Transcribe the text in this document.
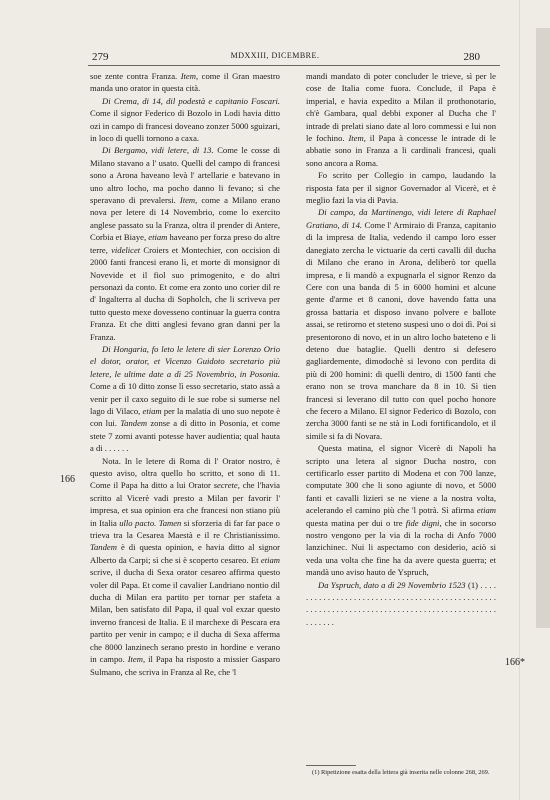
279	MDXXIII, DICEMBRE.	280

soe zente contra Franza. Item, come il Gran maestro manda uno orator in questa cità.

Di Crema, di 14, dil podestà e capitanio Foscari. Come il signor Federico di Bozolo in Lodi havia ditto ozi in campo di francesi doveano zonzer 5000 sguizari, in loco di quelli tornono a caxa.

Di Bergamo, vidi letere, di 13. Come le cosse di Milano stavano a l' usato. Quelli del campo di francesi sono a Arona haveano levà l' artellarie e batevano in uno altro locho, ma pocho danno li fevano; sì che speravano di prevalersi. Item, come a Milano erano nova per letere di 14 Novembrio, come lo exercito anglese passato su la Franza, oltra il prender di Antere, Corbia et Biaye, etiam haveano per forza preso do altre terre, videlicet Croiers et Montechier, con occision di 2000 fanti francesi erano lì, et morte di monsignor di Novevide et il fiol suo primogenito, e do altri personazi da conto. Et come era zonto uno corier dil re d' Ingalterra al ducha di Sopholch, che li scriveva per tutto questo mexe dovesseno continuar la guerra contra Franza. Et che ditti anglesi fevano gran danni per la Franza.

Di Hongaria, fo leto le letere di sier Lorenzo Orio el dotor, orator, et Vicenzo Guidoto secretario più letere, le ultime date a dì 25 Novembrio, in Posonia. Come a dì 10 ditto zonse lì esso secretario, stato assà a venir per il caxo seguito di le sue robe si sumerse nel lago di Vilaco, etiam per la malatia di uno suo nepote è con lui. Tandem zonse a dì ditto in Posonia, et come stete 7 zorni avanti potesse haver audientia; qual hauta a di . . . . . .

Nota. In le letere di Roma di l' Orator nostro, è questo aviso, oltra quello ho scritto, et sono di 11. Come il Papa ha ditto a lui Orator secrete, che l'havia scritto al Vicerè vadi presto a Milan per favorir l' impresa, et sua opinion era che francesi non stiano più in Italia ullo pacto. Tamen si sforzeria di far far pace o trieva tra la Cesarea Maestà e il re Christianissimo. Tandem è di questa opinion, e havia ditto al signor Alberto da Carpi; sì che si è scoperto cesareo. Et etiam scrive, il ducha di Sexa orator cesareo affirma questo voler dil Papa. Et come il cavalier Landriano nontio dil ducha di Milan era partito per tornar per stafeta a Milan, ben satisfato dil Papa, il qual vol exzar questo inverno francesi de Italia. E il marchexe di Pescara era partito per venir in campo; e il ducha di Sexa afferma che 8000 lanzinech serano presto in hordine e verano in campo. Item, il Papa ha risposto a missier Gasparo Sulmano, che scriva in Franza al Re, che 'l

mandi mandato di poter concluder le trieve, sì per le cose de Italia come fuora. Conclude, il Papa è imperial, e havia expedito a Milan il prothonotario, ch'è Gambara, qual debbi exponer al Ducha che l' intrade di prelati siano date al loro commessi e lui non le fochino. Item, il Papa à concesse le intrade di le abbatie sono in Franza a li cardinali francesi, quali sono ancora a Roma.

Fo scrito per Collegio in campo, laudando la risposta fata per il signor Governador al Vicerè, et è meglio fazi la via di Pavia.

Di campo, da Martinengo, vidi letere di Raphael Gratiano, di 14. Come l' Armiraio di Franza, capitanio di la impresa de Italia, vedendo il campo loro esser danegiato zercha le victuarie da certi cavalli dil ducha di Milano che erano in Arona, deliberò tor quella impresa, e li mandò a expugnarla el signor Renzo da Cere con una banda di 5 in 6000 homini et alcune gente d'arme et 8 canoni, dove havendo fatta una grossa battaria et disposo invano polvere e ballote assai, se retirorno et steteno suspesi uno o doi dì. Poi si presentorono di novo, et in un altro locho bateteno e li deteno due bataglie. Quelli dentro si defesero gagliardemente, dimodochè si levono con perdita di più di 200 homini: di quelli dentro, di 1500 fanti che erano non se trova manchare da 8 in 10. Sì tien francesi si leverano dil tutto con quel pocho honore che fecero a Milano. El signor Federico di Bozolo, con zercha 3000 fanti se ne stà in Lodi fortificandolo, et il simile si fa di Novara.

Questa matina, el signor Vicerè di Napoli ha scripto una letera al signor Ducha nostro, con certificarlo esser partito di Modena et con 700 lanze, computate 300 che li sono agiunte di novo, et 5000 fanti et cavalli lizieri se ne viene a la nostra volta, acelerando el camino più che 'l potrà. Sì afirma etiam questa matina per dui o tre fide digni, che in socorso nostro vengono per la via di la rocha di Anfo 7000 lanzichinec. Nui li aspectamo con desiderio, aciò si veda una volta che fine ha da avere questa guerra; et mandà uno aviso hauto de Yspruch,

Da Yspruch, dato a dì 29 Novembrio 1523 (1) . . . . . . . . . . . . . . . . . . . . . . . . . . . . . . . . . . . . . . . . . . . . . . . . . . . . . . . . . . . . . . . . . . . . . . . . . . . . . . . . . . . . . . . . . . . . . . . . . . .

166
166*
(1) Ripetizione esatta della lettera già inserita nelle colonne 268, 269.
